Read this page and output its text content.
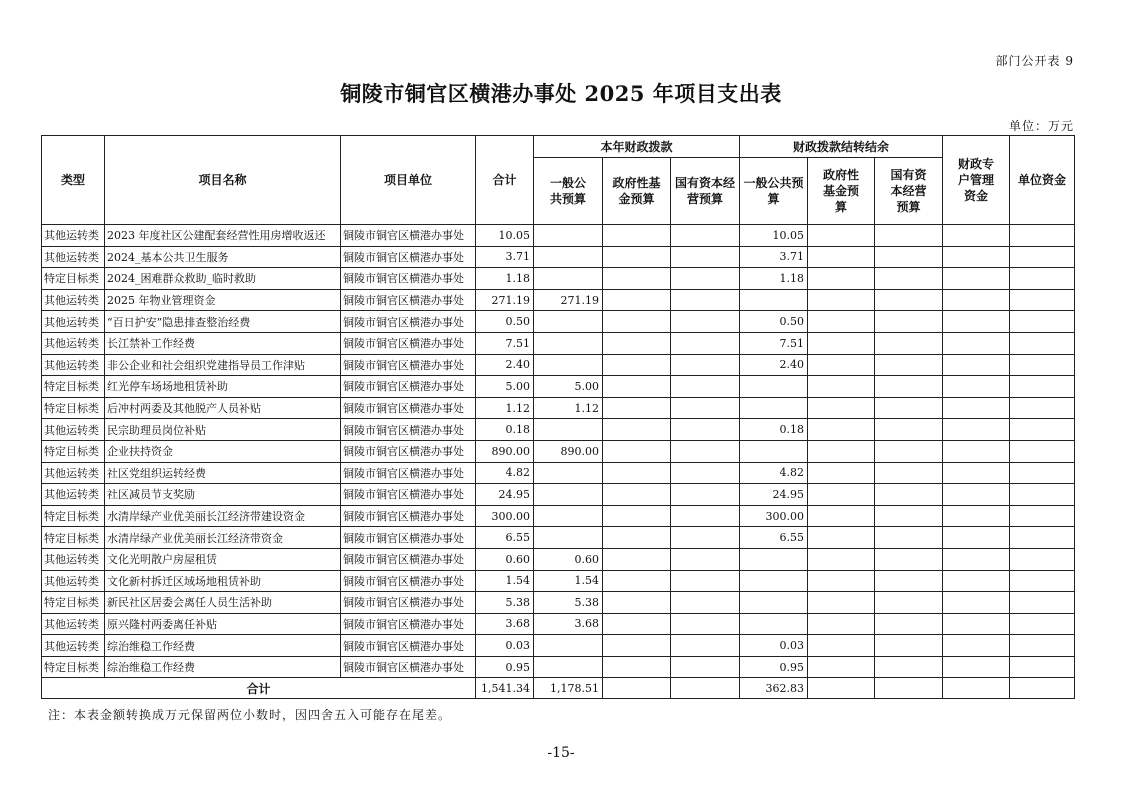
部门公开表 9
铜陵市铜官区横港办事处 2025 年项目支出表
单位：万元
类型	项目名称	项目单位	合计	本年财政拨款			财政拨款结转结余			财政专户管理资金	单位资金
				一般公共预算	政府性基金预算	国有资本经营预算	一般公共预算	政府性基金预算	国有资本经营预算		
其他运转类	2023 年度社区公建配套经营性用房增收返还	铜陵市铜官区横港办事处	10.05				10.05				
其他运转类	2024_基本公共卫生服务	铜陵市铜官区横港办事处	3.71				3.71				
特定目标类	2024_困难群众救助_临时救助	铜陵市铜官区横港办事处	1.18				1.18				
其他运转类	2025 年物业管理资金	铜陵市铜官区横港办事处	271.19	271.19							
其他运转类	“百日护安”隐患排查整治经费	铜陵市铜官区横港办事处	0.50				0.50				
其他运转类	长江禁补工作经费	铜陵市铜官区横港办事处	7.51				7.51				
其他运转类	非公企业和社会组织党建指导员工作津贴	铜陵市铜官区横港办事处	2.40				2.40				
特定目标类	红光停车场场地租赁补助	铜陵市铜官区横港办事处	5.00	5.00							
特定目标类	后冲村两委及其他脱产人员补贴	铜陵市铜官区横港办事处	1.12	1.12							
其他运转类	民宗助理员岗位补贴	铜陵市铜官区横港办事处	0.18				0.18				
特定目标类	企业扶持资金	铜陵市铜官区横港办事处	890.00	890.00							
其他运转类	社区党组织运转经费	铜陵市铜官区横港办事处	4.82				4.82				
其他运转类	社区减员节支奖励	铜陵市铜官区横港办事处	24.95				24.95				
特定目标类	水清岸绿产业优美丽长江经济带建设资金	铜陵市铜官区横港办事处	300.00				300.00				
特定目标类	水清岸绿产业优美丽长江经济带资金	铜陵市铜官区横港办事处	6.55				6.55				
其他运转类	文化光明散户房屋租赁	铜陵市铜官区横港办事处	0.60	0.60							
其他运转类	文化新村拆迁区域场地租赁补助	铜陵市铜官区横港办事处	1.54	1.54							
特定目标类	新民社区居委会离任人员生活补助	铜陵市铜官区横港办事处	5.38	5.38							
其他运转类	原兴隆村两委离任补贴	铜陵市铜官区横港办事处	3.68	3.68							
其他运转类	综治维稳工作经费	铜陵市铜官区横港办事处	0.03				0.03				
特定目标类	综治维稳工作经费	铜陵市铜官区横港办事处	0.95				0.95				
合计			1,541.34	1,178.51			362.83				
注：本表金额转换成万元保留两位小数时，因四舍五入可能存在尾差。
-15-
